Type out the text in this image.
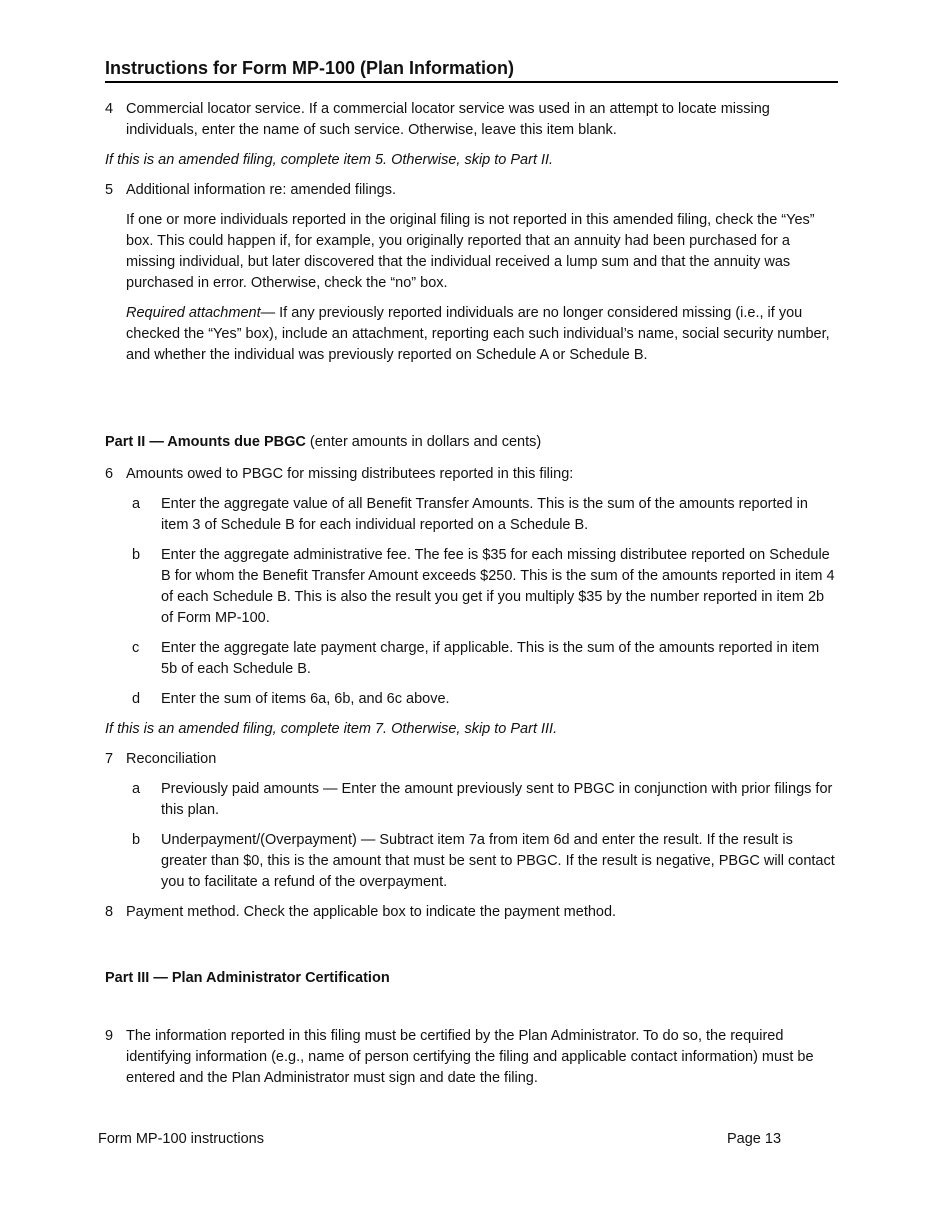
Instructions for Form MP-100 (Plan Information)
4 Commercial locator service. If a commercial locator service was used in an attempt to locate missing individuals, enter the name of such service. Otherwise, leave this item blank.
If this is an amended filing, complete item 5. Otherwise, skip to Part II.
5 Additional information re: amended filings.
If one or more individuals reported in the original filing is not reported in this amended filing, check the “Yes” box. This could happen if, for example, you originally reported that an annuity had been purchased for a missing individual, but later discovered that the individual received a lump sum and that the annuity was purchased in error. Otherwise, check the “no” box.
Required attachment— If any previously reported individuals are no longer considered missing (i.e., if you checked the “Yes” box), include an attachment, reporting each such individual’s name, social security number, and whether the individual was previously reported on Schedule A or Schedule B.
Part II — Amounts due PBGC (enter amounts in dollars and cents)
6 Amounts owed to PBGC for missing distributees reported in this filing:
a	Enter the aggregate value of all Benefit Transfer Amounts. This is the sum of the amounts reported in item 3 of Schedule B for each individual reported on a Schedule B.
b	Enter the aggregate administrative fee. The fee is $35 for each missing distributee reported on Schedule B for whom the Benefit Transfer Amount exceeds $250. This is the sum of the amounts reported in item 4 of each Schedule B. This is also the result you get if you multiply $35 by the number reported in item 2b of Form MP-100.
c	Enter the aggregate late payment charge, if applicable. This is the sum of the amounts reported in item 5b of each Schedule B.
d	Enter the sum of items 6a, 6b, and 6c above.
If this is an amended filing, complete item 7. Otherwise, skip to Part III.
7 Reconciliation
a	Previously paid amounts — Enter the amount previously sent to PBGC in conjunction with prior filings for this plan.
b	Underpayment/(Overpayment) — Subtract item 7a from item 6d and enter the result. If the result is greater than $0, this is the amount that must be sent to PBGC. If the result is negative, PBGC will contact you to facilitate a refund of the overpayment.
8 Payment method. Check the applicable box to indicate the payment method.
Part III — Plan Administrator Certification
9 The information reported in this filing must be certified by the Plan Administrator. To do so, the required identifying information (e.g., name of person certifying the filing and applicable contact information) must be entered and the Plan Administrator must sign and date the filing.
Form MP-100 instructions	Page 13
